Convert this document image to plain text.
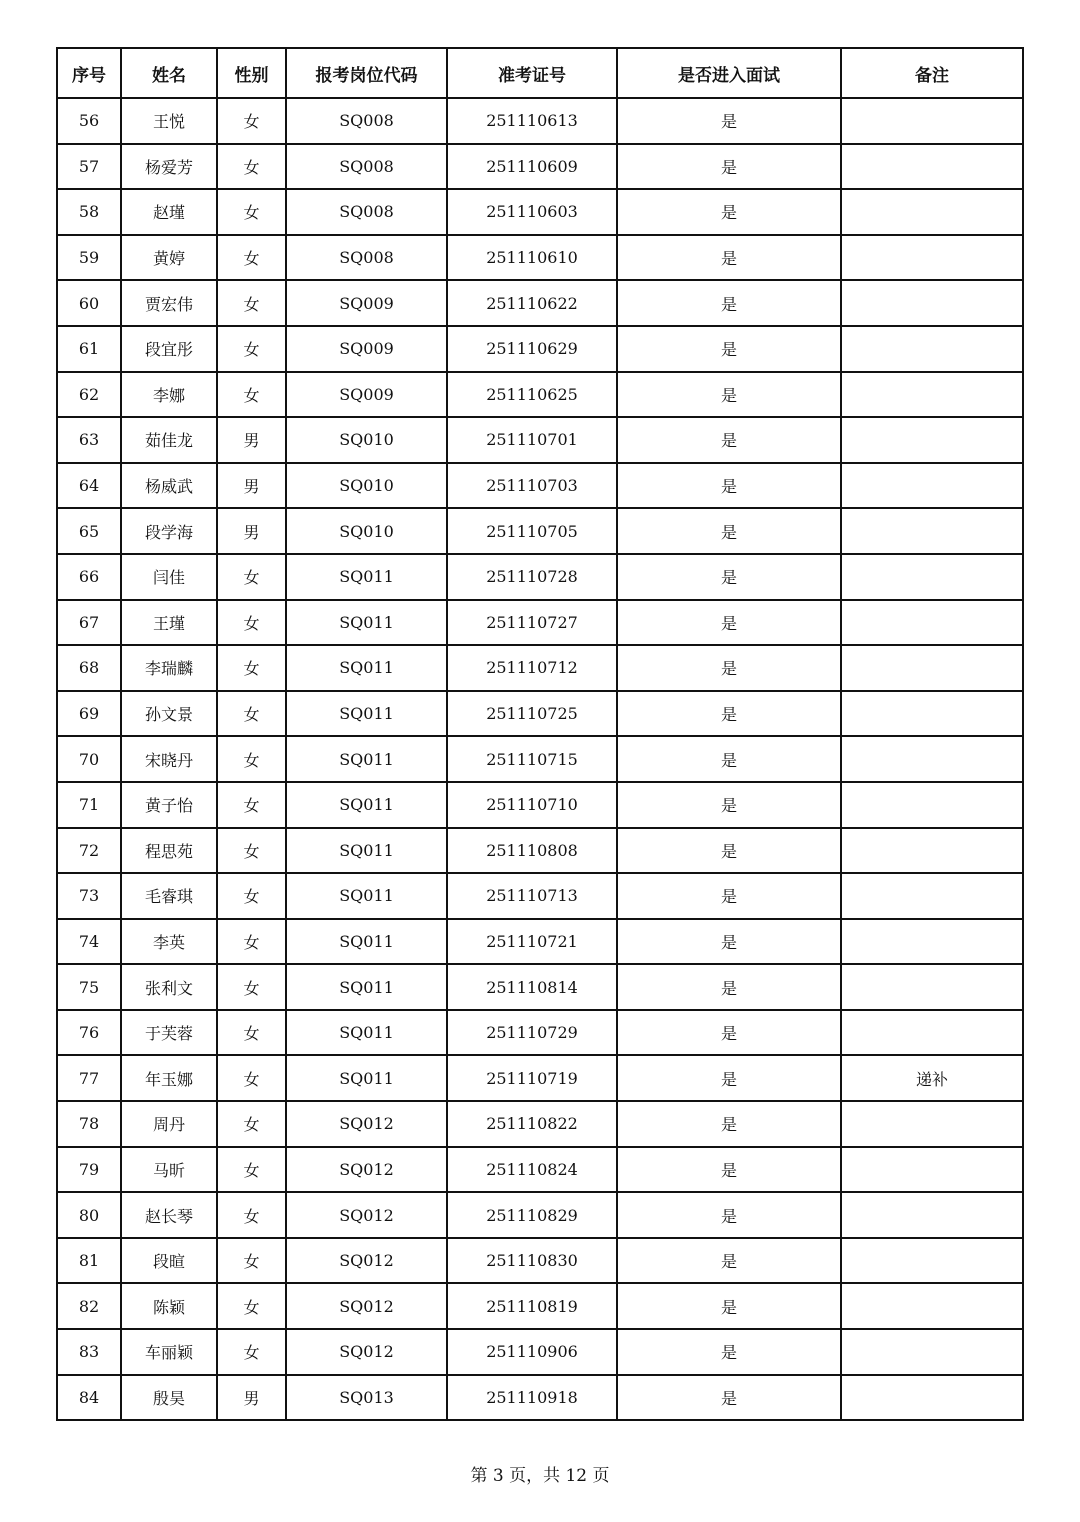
序号	姓名	性别	报考岗位代码	准考证号	是否进入面试	备注
56	王悦	女	SQ008	251110613	是	
57	杨爱芳	女	SQ008	251110609	是	
58	赵瑾	女	SQ008	251110603	是	
59	黄婷	女	SQ008	251110610	是	
60	贾宏伟	女	SQ009	251110622	是	
61	段宜彤	女	SQ009	251110629	是	
62	李娜	女	SQ009	251110625	是	
63	茹佳龙	男	SQ010	251110701	是	
64	杨威武	男	SQ010	251110703	是	
65	段学海	男	SQ010	251110705	是	
66	闫佳	女	SQ011	251110728	是	
67	王瑾	女	SQ011	251110727	是	
68	李瑞麟	女	SQ011	251110712	是	
69	孙文景	女	SQ011	251110725	是	
70	宋晓丹	女	SQ011	251110715	是	
71	黄子怡	女	SQ011	251110710	是	
72	程思苑	女	SQ011	251110808	是	
73	毛睿琪	女	SQ011	251110713	是	
74	李英	女	SQ011	251110721	是	
75	张利文	女	SQ011	251110814	是	
76	于芙蓉	女	SQ011	251110729	是	
77	年玉娜	女	SQ011	251110719	是	递补
78	周丹	女	SQ012	251110822	是	
79	马昕	女	SQ012	251110824	是	
80	赵长琴	女	SQ012	251110829	是	
81	段暄	女	SQ012	251110830	是	
82	陈颖	女	SQ012	251110819	是	
83	车丽颖	女	SQ012	251110906	是	
84	殷昊	男	SQ013	251110918	是	
第 3 页，共 12 页
